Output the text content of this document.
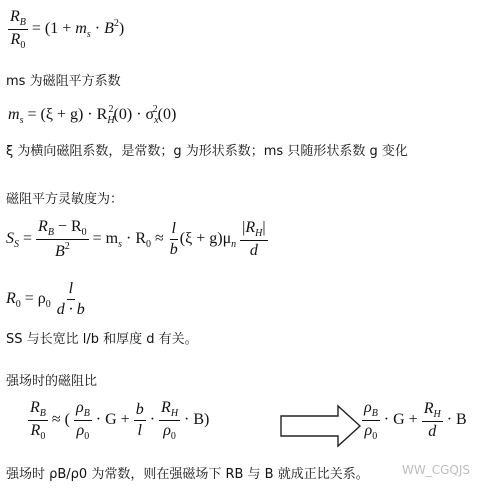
$\frac{R_B}{R_0} = (1 + m_s \cdot B^2)$
ms 为磁阻平方系数
$m_s = (\xi + g) \cdot R_H^2(0) \cdot \sigma_x^2(0)$
ξ 为横向磁阻系数，是常数；g 为形状系数；ms 只随形状系数 g 变化
磁阻平方灵敏度为：
$S_S = \frac{R_B - R_0}{B^2} = m_s \cdot R_0 \approx \frac{l}{b} (\xi + g)\mu_n \frac{|R_H|}{d}$
$R_0 = \rho_0 \frac{l}{d \cdot b}$
SS 与长宽比 l/b 和厚度 d 有关。
强场时的磁阻比
$\frac{R_B}{R_0}$ ≈ ( $\frac{\rho_B}{\rho_0} \cdot G + \frac{b}{l} \cdot \frac{R_H}{\rho_0} \cdot B$)	$\frac{\rho_B}{\rho_0} \cdot G + \frac{R_H}{d} \cdot B$
强场时 ρB/ρ0 为常数，则在强磁场下 RB 与 B 就成正比关系。	WW_CGQJS
